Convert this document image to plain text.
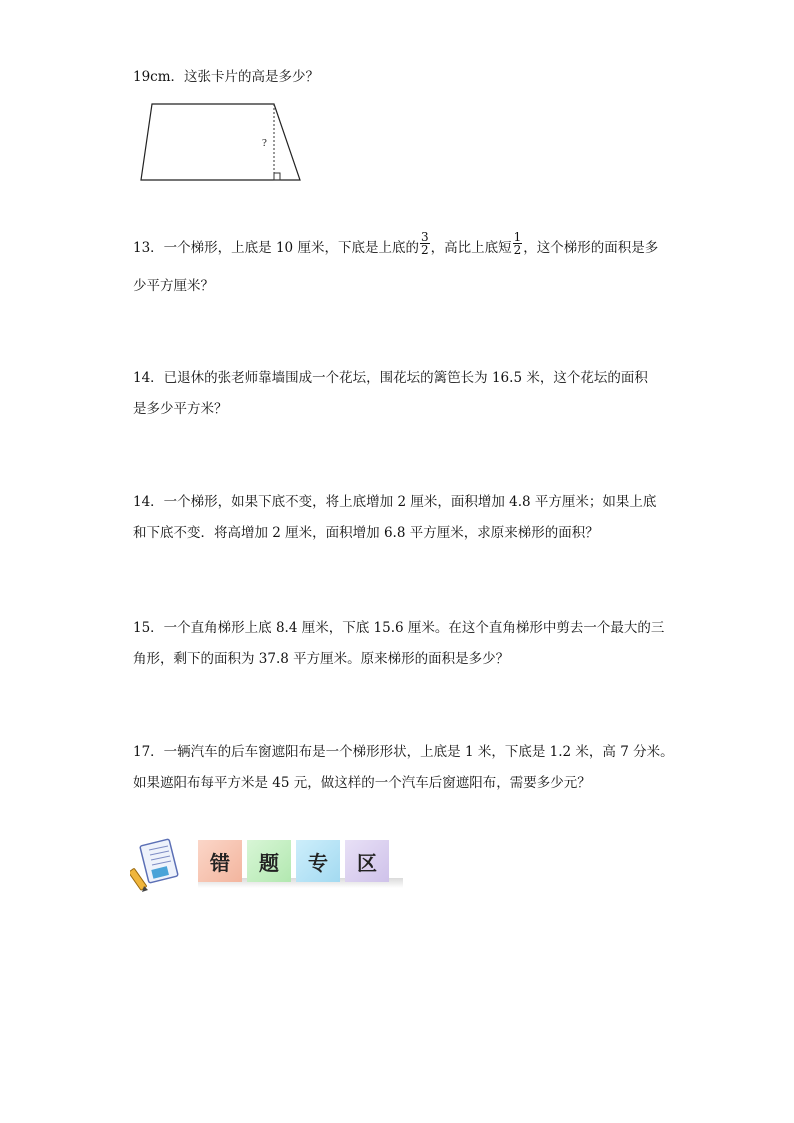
19cm．这张卡片的高是多少？
?
13．一个梯形，上底是 10 厘米，下底是上底的 $\frac{3}{2}$ ，高比上底短 $\frac{1}{2}$ ，这个梯形的面积是多
少平方厘米？
14．已退休的张老师靠墙围成一个花坛，围花坛的篱笆长为 16.5 米，这个花坛的面积
是多少平方米？
14．一个梯形，如果下底不变，将上底增加 2 厘米，面积增加 4.8 平方厘米；如果上底
和下底不变．将高增加 2 厘米，面积增加 6.8 平方厘米，求原来梯形的面积？
15．一个直角梯形上底 8.4 厘米，下底 15.6 厘米。在这个直角梯形中剪去一个最大的三
角形，剩下的面积为 37.8 平方厘米。原来梯形的面积是多少？
17．一辆汽车的后车窗遮阳布是一个梯形形状，上底是 1 米，下底是 1.2 米，高 7 分米。
如果遮阳布每平方米是 45 元，做这样的一个汽车后窗遮阳布，需要多少元？
错	题	专	区
